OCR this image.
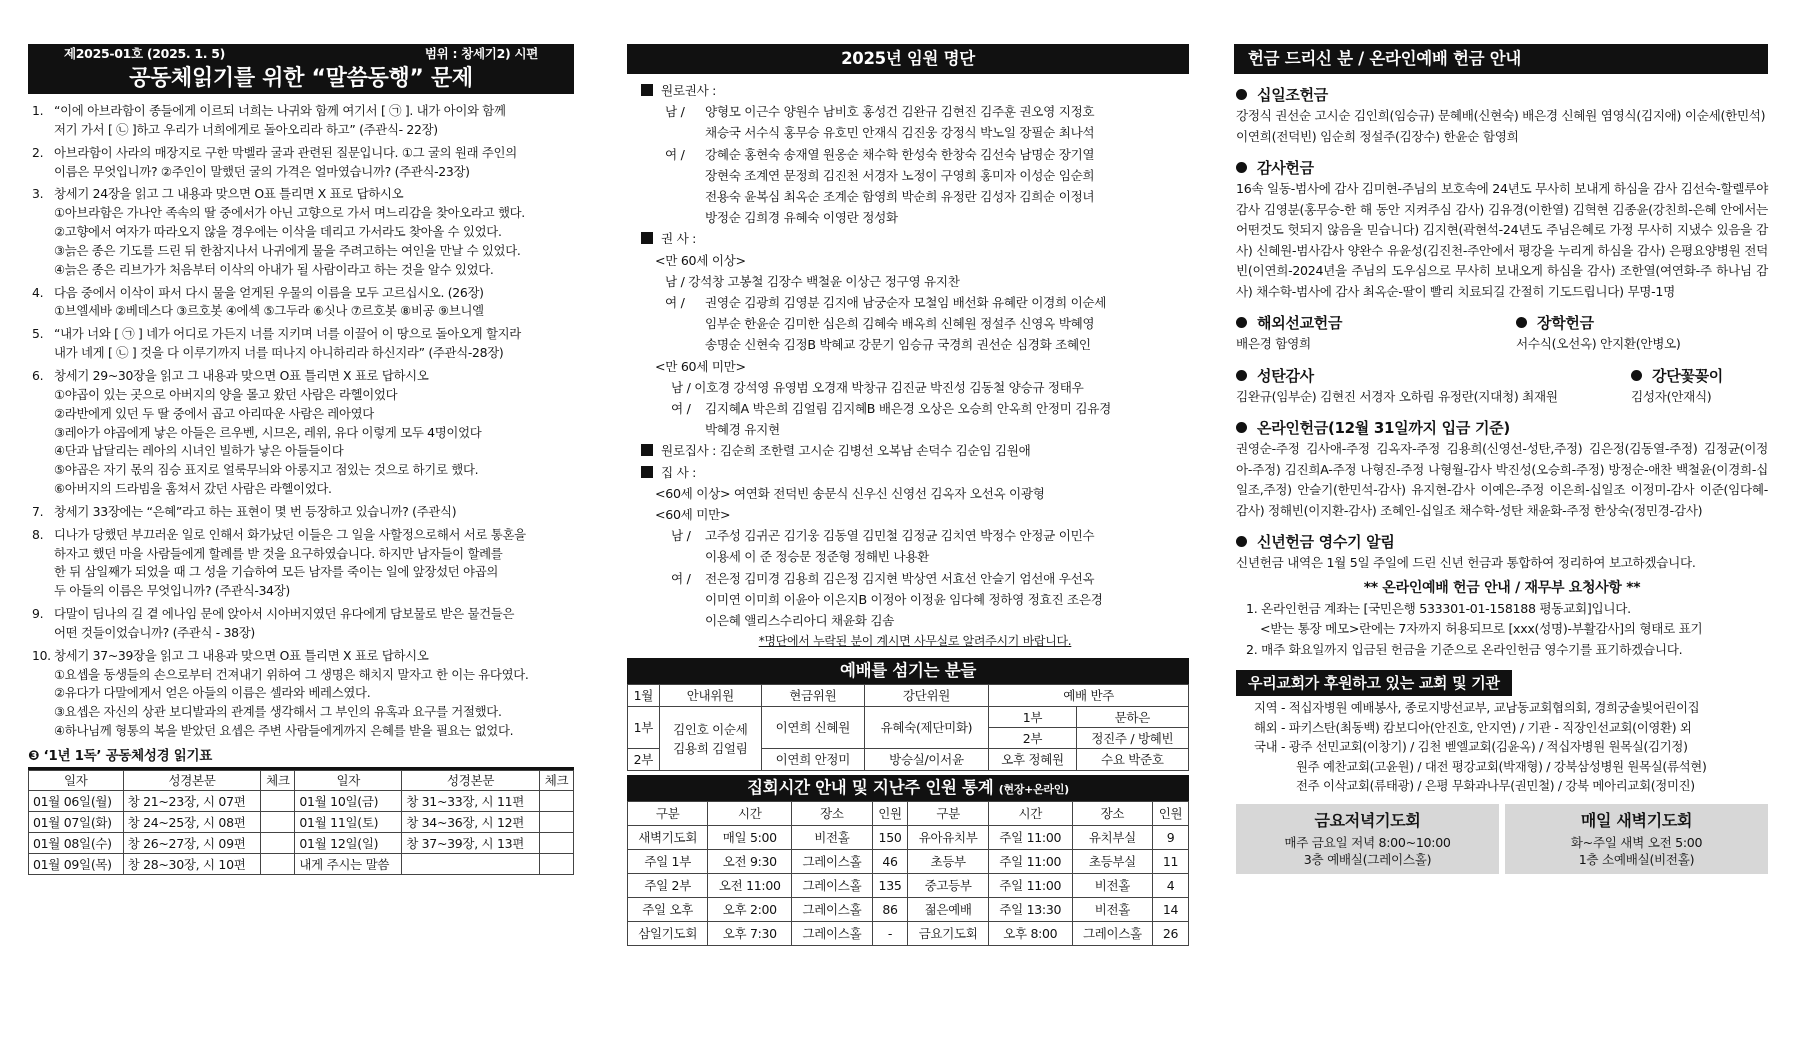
제2025-01호 (2025. 1. 5)	범위 : 창세기2) 시편
공동체읽기를 위한 “말씀동행” 문제
1. “이에 아브라함이 종들에게 이르되 너희는 나귀와 함께 여기서 [ ㉠ ]. 내가 아이와 함께
저기 가서 [ ㉡ ]하고 우리가 너희에게로 돌아오리라 하고” (주관식- 22장)
2. 아브라함이 사라의 매장지로 구한 막벨라 굴과 관련된 질문입니다. ①그 굴의 원래 주인의
이름은 무엇입니까? ②주인이 말했던 굴의 가격은 얼마였습니까? (주관식-23장)
3. 창세기 24장을 읽고 그 내용과 맞으면 O표 틀리면 X 표로 답하시오
①아브라함은 가나안 족속의 딸 중에서가 아닌 고향으로 가서 며느리감을 찾아오라고 했다.
②고향에서 여자가 따라오지 않을 경우에는 이삭을 데리고 가서라도 찾아올 수 있었다.
③늙은 종은 기도를 드린 뒤 한참지나서 나귀에게 물을 주려고하는 여인을 만날 수 있었다.
④늙은 종은 리브가가 처음부터 이삭의 아내가 될 사람이라고 하는 것을 알수 있었다.
4. 다음 중에서 이삭이 파서 다시 물을 얻게된 우물의 이름을 모두 고르십시오. (26장)
①브엘세바 ②베데스다 ③르호봇 ④에섹 ⑤그두라 ⑥싯나 ⑦르호봇 ⑧비공 ⑨브니엘
5. “내가 너와 [ ㉠ ] 네가 어디로 가든지 너를 지키며 너를 이끌어 이 땅으로 돌아오게 할지라
내가 네게 [ ㉡ ] 것을 다 이루기까지 너를 떠나지 아니하리라 하신지라” (주관식-28장)
6. 창세기 29~30장을 읽고 그 내용과 맞으면 O표 틀리면 X 표로 답하시오
①야곱이 있는 곳으로 아버지의 양을 몰고 왔던 사람은 라헬이었다
②라반에게 있던 두 딸 중에서 곱고 아리따운 사람은 레아였다
③레아가 야곱에게 낳은 아들은 르우벤, 시므온, 레위, 유다 이렇게 모두 4명이었다
④단과 납달리는 레아의 시녀인 빌하가 낳은 아들들이다
⑤야곱은 자기 몫의 짐승 표지로 얼룩무늬와 아롱지고 점있는 것으로 하기로 했다.
⑥아버지의 드라빔을 훔쳐서 갔던 사람은 라헬이었다.
7. 창세기 33장에는 “은혜”라고 하는 표현이 몇 번 등장하고 있습니까? (주관식)
8. 디나가 당했던 부끄러운 일로 인해서 화가났던 이들은 그 일을 사할정으로해서 서로 통혼을
하자고 했던 마을 사람들에게 할례를 받 것을 요구하였습니다. 하지만 남자들이 할례를
한 뒤 삼일째가 되었을 때 그 성을 기습하여 모든 남자를 죽이는 일에 앞장섰던 야곱의
두 아들의 이름은 무엇입니까? (주관식-34장)
9. 다말이 딤나의 길 곁 에나임 문에 앉아서 시아버지였던 유다에게 담보물로 받은 물건들은
어떤 것들이었습니까? (주관식 - 38장)
10. 창세기 37~39장을 읽고 그 내용과 맞으면 O표 틀리면 X 표로 답하시오
①요셉을 동생들의 손으로부터 건져내기 위하여 그 생명은 해치지 말자고 한 이는 유다였다.
②유다가 다말에게서 얻은 아들의 이름은 셀라와 베레스였다.
③요셉은 자신의 상관 보디발과의 관계를 생각해서 그 부인의 유혹과 요구를 거절했다.
④하나님께 형통의 복을 받았던 요셉은 주변 사람들에게까지 은혜를 받을 필요는 없었다.
❸ ‘1년 1독’ 공동체성경 읽기표
일자	성경본문	체크	일자	성경본문	체크
01월 06일(월)	창 21~23장, 시 07편		01월 10일(금)	창 31~33장, 시 11편	
01월 07일(화)	창 24~25장, 시 08편		01월 11일(토)	창 34~36장, 시 12편	
01월 08일(수)	창 26~27장, 시 09편		01월 12일(일)	창 37~39장, 시 13편	
01월 09일(목)	창 28~30장, 시 10편		내게 주시는 말씀		
2025년 임원 명단
원로권사 :
남 /	양형모 이근수 양원수 남비호 홍성건 김완규 김현진 김주훈 권오영 지정호
채승국 서수식 홍무승 유호민 안재식 김진웅 강정식 박노일 장필순 최나석
여 /	강혜순 홍현숙 송재열 원옹순 채수학 한성숙 한창숙 김선숙 남명순 장기열
장현숙 조계연 문정희 김진천 서경자 노정이 구영희 홍미자 이성순 임순희
전용숙 윤복심 최옥순 조계순 함영희 박순희 유정란 김성자 김희순 이정녀
방정순 김희경 유혜숙 이영란 정성화
권 사 :
<만 60세 이상>
남 / 강석창 고봉철 김장수 백철윤 이상근 정구영 유지찬
여 /	권영순 김광희 김영분 김지애 남궁순자 모철임 배선화 유혜란 이경희 이순세
임부순 한윤순 김미한 심은희 김혜숙 배옥희 신혜원 정설주 신영옥 박혜영
송명순 신현숙 김정B 박혜교 강문기 임승규 국경희 권선순 심경화 조혜인
<만 60세 미만>
남 / 이호경 강석영 유영범 오경재 박창규 김진균 박진성 김동철 양승규 정태우
여 /	김지혜A 박은희 김얼림 김지혜B 배은경 오상은 오승희 안옥희 안정미 김유경
박혜경 유지현
원로집사 : 김순희 조한렬 고시순 김병선 오복남 손덕수 김순임 김원애
집 사 :
<60세 이상> 여연화 전덕빈 송문식 신우신 신영선 김옥자 오선옥 이광형
<60세 미만>
남 /	고주성 김귀곤 김기웅 김동열 김민철 김정균 김치연 박정수 안정균 이민수
이용세 이 준 정승문 정준형 정해빈 나용환
여 /	전은정 김미경 김용희 김은정 김지현 박상연 서효선 안슬기 엄선애 우선옥
이미연 이미희 이윤아 이은지B 이정아 이정윤 임다혜 정하영 정효진 조은경
이은혜 앨리스수리아디 채윤화 김솜
*명단에서 누락된 분이 계시면 사무실로 알려주시기 바랍니다.
예배를 섬기는 분들
1월	안내위원	현금위원	강단위원	예배 반주	
1부	김인호 이순세
김용희 김얼림	이연희 신혜원	유혜숙(제단미화)	1부	문하은
				2부	정진주 / 방혜빈
2부		이연희 안정미	방승실/이서윤	오후 정혜원	수요 박준호

집회시간 안내 및 지난주 인원 통계 (현장+온라인)
구분	시간	장소	인원	구분	시간	장소	인원
새벽기도회	매일 5:00	비전홀	150	유아유치부	주일 11:00	유치부실	9
주일 1부	오전 9:30	그레이스홀	46	초등부	주일 11:00	초등부실	11
주일 2부	오전 11:00	그레이스홀	135	중고등부	주일 11:00	비전홀	4
주일 오후	오후 2:00	그레이스홀	86	젊은예배	주일 13:30	비전홀	14
삼일기도회	오후 7:30	그레이스홀	-	금요기도회	오후 8:00	그레이스홀	26
헌금 드리신 분 / 온라인예배 헌금 안내
십일조헌금
강정식 권선순 고시순 김인희(임승규) 문혜배(신현숙) 배은경 신혜원 염영식(김지애) 이순세(한민석) 이연희(전덕빈) 임순희 정설주(김장수) 한윤순 함영희
감사헌금
16속 일동-범사에 감사 김미현-주님의 보호속에 24년도 무사히 보내게 하심을 감사 김선숙-할렐루야 감사 김영분(홍무승-한 해 동안 지켜주심 감사) 김유경(이한열) 김혁현 김종윤(강친희-은혜 안에서는 어떤것도 헛되지 않음을 믿습니다) 김지현(곽현석-24년도 주님은혜로 가정 무사히 지냈수 있음을 감사) 신혜원-범사감사 양완수 유윤성(김진천-주안에서 평강을 누리게 하심을 감사) 은평요양병원 전덕빈(이연희-2024년을 주님의 도우심으로 무사히 보내오게 하심을 감사) 조한열(여연화-주 하나님 감사) 채수학-범사에 감사 최옥순-딸이 빨리 치료되길 간절히 기도드립니다) 무명-1명
해외선교헌금
배은경 함영희
장학헌금
서수식(오선옥) 안지환(안병오)
성탄감사
김완규(임부순) 김현진 서경자 오하림 유정란(지대청) 최재원
강단꽃꽂이
김성자(안재식)
온라인헌금(12월 31일까지 입금 기준)
권영순-주정 김사애-주정 김옥자-주정 김용희(신영선-성탄,주정) 김은정(김동열-주정) 김정균(이정아-주정) 김진희A-주정 나형진-주정 나형월-감사 박진성(오승희-주정) 방정순-애찬 백철윤(이경희-십일조,주정) 안슬기(한민석-감사) 유지현-감사 이예은-주정 이은희-십일조 이정미-감사 이준(임다혜-감사) 정해빈(이지환-감사) 조혜인-십일조 채수학-성탄 채윤화-주정 한상숙(정민경-감사)
신년헌금 영수기 알림
신년헌금 내역은 1월 5일 주일에 드린 신년 헌금과 통합하여 정리하여 보고하겠습니다.
** 온라인예배 헌금 안내 / 재무부 요청사항 **
1. 온라인헌금 계좌는 [국민은행 533301-01-158188 평동교회]입니다.
<받는 통장 메모>란에는 7자까지 허용되므로 [xxx(성명)-부활감사]의 형태로 표기
2. 매주 화요일까지 입금된 헌금을 기준으로 온라인헌금 영수기를 표기하겠습니다.
우리교회가 후원하고 있는 교회 및 기관
지역 - 적십자병원 예배봉사, 종로지방선교부, 교남동교회협의회, 경희궁솔빛어린이집
해외 - 파키스탄(최동백) 캄보디아(안진호, 안지연) / 기관 - 직장인선교회(이영환) 외
국내 - 광주 선민교회(이창기) / 김천 벧엘교회(김윤옥) / 적십자병원 원목실(김기정)
원주 예찬교회(고윤원) / 대전 평강교회(박재형) / 강북삼성병원 원목실(류석현)
전주 이삭교회(류태광) / 은평 무화과나무(권민철) / 강북 메아리교회(정미진)
금요저녁기도회
매주 금요일 저녁 8:00~10:00
3층 예배실(그레이스홀)
매일 새벽기도회
화~주일 새벽 오전 5:00
1층 소예배실(비전홀)
